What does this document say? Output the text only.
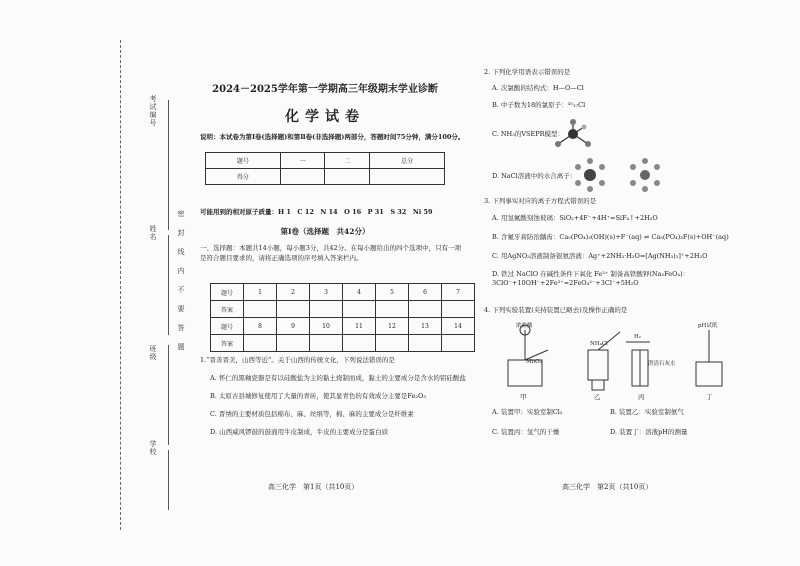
考试编号
姓名
班级
学校
密封线内不要答题
2024－2025学年第一学期高三年级期末学业诊断
化学试卷
说明：本试卷为第Ⅰ卷(选择题)和第Ⅱ卷(非选择题)两部分，答题时间75分钟，满分100分。
题号	一	二	总分
得分			
可能用到的相对原子质量：H 1　C 12　N 14　O 16　P 31　S 32　Ni 59
第Ⅰ卷（选择题　共42分）
一、选择题：本题共14小题，每小题3分，共42分。在每小题给出的四个选项中，只有一项是符合题目要求的，请将正确选项的序号填入答案栏内。
题号	1	2	3	4	5	6	7
答案							
题号	8	9	10	11	12	13	14
答案							
1.“晋善晋美，山西等近”。关于山西的传统文化，下列说法错误的是
A. 怀仁的黑釉瓷器是有以硅酸盐为主的黏土烧制而成，黏土的主要成分是含水的铝硅酸盐
B. 太原古县城修复使用了大量的青砖，使其显青色的有效成分主要是Fe₂O₃
C. 晋绣的主要材质包括棉布、麻、丝绢等，棉、麻的主要成分是纤维素
D. 山西威风锣鼓的鼓面用牛皮制成，牛皮的主要成分是蛋白质
高三化学　第1页（共10页）
2. 下列化学用语表示错误的是
A. 次氯酸的结构式：H—O—Cl
B. 中子数为18的氯原子：³⁵₁₇Cl
C. NH₃的VSEPR模型：
D. NaCl溶液中的水合离子：
3. 下列事实对应的离子方程式错误的是
A. 用氢氟酸刻蚀玻璃：SiO₂+4F⁻+4H⁺=SiF₄↑+2H₂O
B. 含氟牙膏防治龋齿：Ca₅(PO₄)₃(OH)(s)+F⁻(aq) ⇌ Ca₅(PO₄)₃F(s)+OH⁻(aq)
C. 用AgNO₃溶液制备银氨溶液：Ag⁺+2NH₃·H₂O=[Ag(NH₃)₂]⁺+2H₂O
D. 铁过 NaClO 在碱性条件下氧化 Fe³⁺ 制备高铁酸钾(Na₂FeO₄)：3ClO⁻+10OH⁻+2Fe³⁺=2FeO₄²⁻+3Cl⁻+5H₂O
4. 下列实验装置(夹持装置已略去)及操作正确的是
浓盐酸
MnO₂
NH₄Cl
H₂
澄清石灰水
pH试纸
甲	乙	丙	丁
A. 装置甲：实验室制Cl₂	B. 装置乙：实验室制氨气
C. 装置丙：氢气的干燥	D. 装置丁：溶液pH的测量
高三化学　第2页（共10页）
